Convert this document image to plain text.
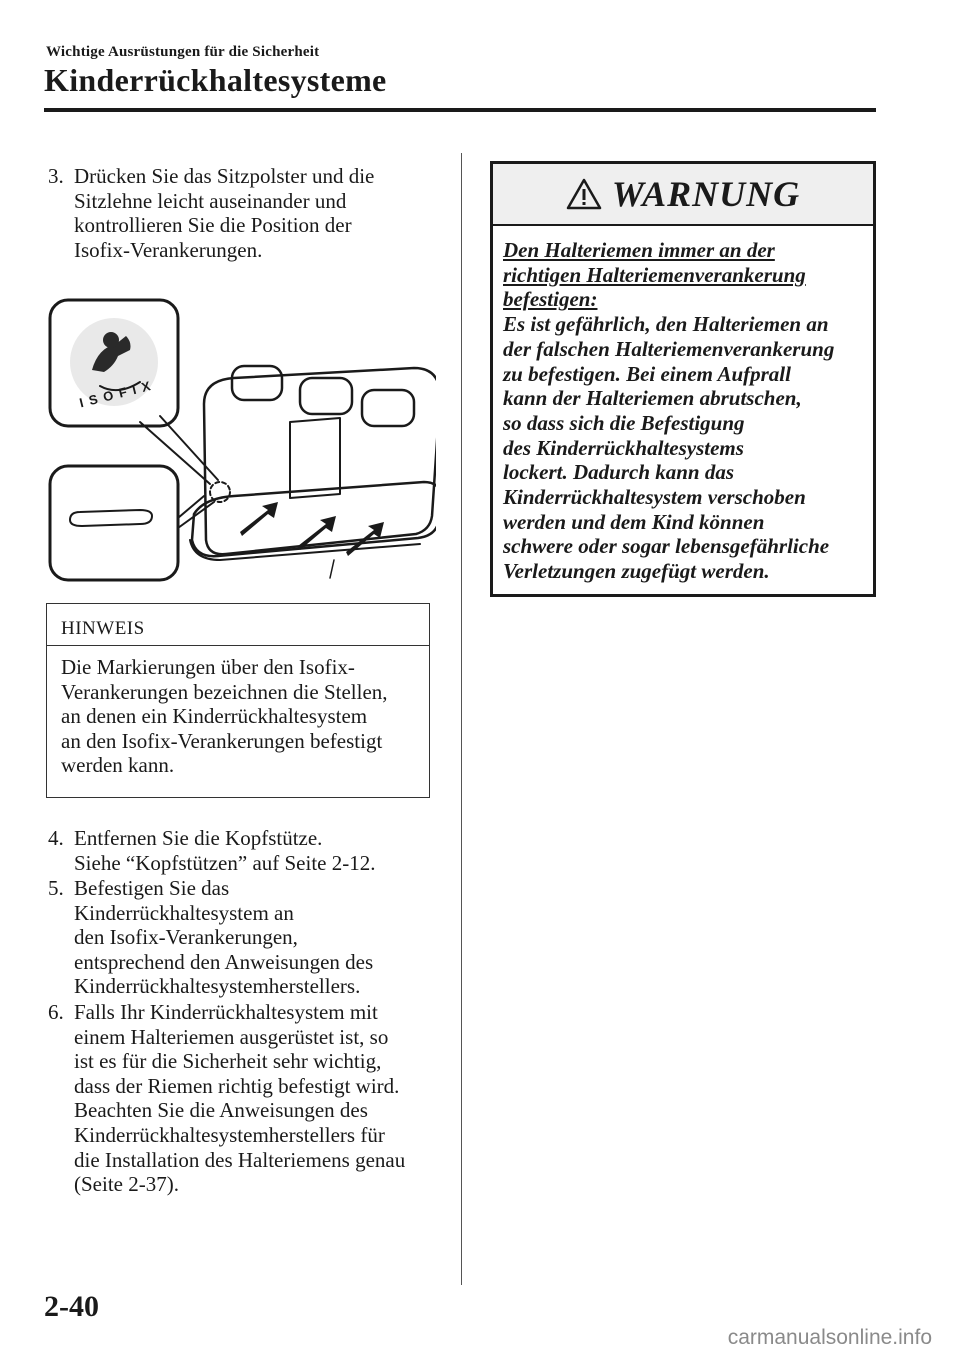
Wichtige Ausrüstungen für die Sicherheit
Kinderrückhaltesysteme
3. Drücken Sie das Sitzpolster und die
Sitzlehne leicht auseinander und
kontrollieren Sie die Position der
Isofix-Verankerungen.
ISOFIX
HINWEIS
Die Markierungen über den Isofix-
Verankerungen bezeichnen die Stellen,
an denen ein Kinderrückhaltesystem
an den Isofix-Verankerungen befestigt
werden kann.
4. Entfernen Sie die Kopfstütze.
Siehe “Kopfstützen” auf Seite 2-12.
5. Befestigen Sie das
Kinderrückhaltesystem an
den Isofix-Verankerungen,
entsprechend den Anweisungen des
Kinderrückhaltesystemherstellers.
6. Falls Ihr Kinderrückhaltesystem mit
einem Halteriemen ausgerüstet ist, so
ist es für die Sicherheit sehr wichtig,
dass der Riemen richtig befestigt wird.
Beachten Sie die Anweisungen des
Kinderrückhaltesystemherstellers für
die Installation des Halteriemens genau
(Seite 2-37).
WARNUNG
Den Halteriemen immer an der
richtigen Halteriemenverankerung
befestigen:
Es ist gefährlich, den Halteriemen an
der falschen Halteriemenverankerung
zu befestigen. Bei einem Aufprall
kann der Halteriemen abrutschen,
so dass sich die Befestigung
des Kinderrückhaltesystems
lockert. Dadurch kann das
Kinderrückhaltesystem verschoben
werden und dem Kind können
schwere oder sogar lebensgefährliche
Verletzungen zugefügt werden.
2-40
carmanualsonline.info
